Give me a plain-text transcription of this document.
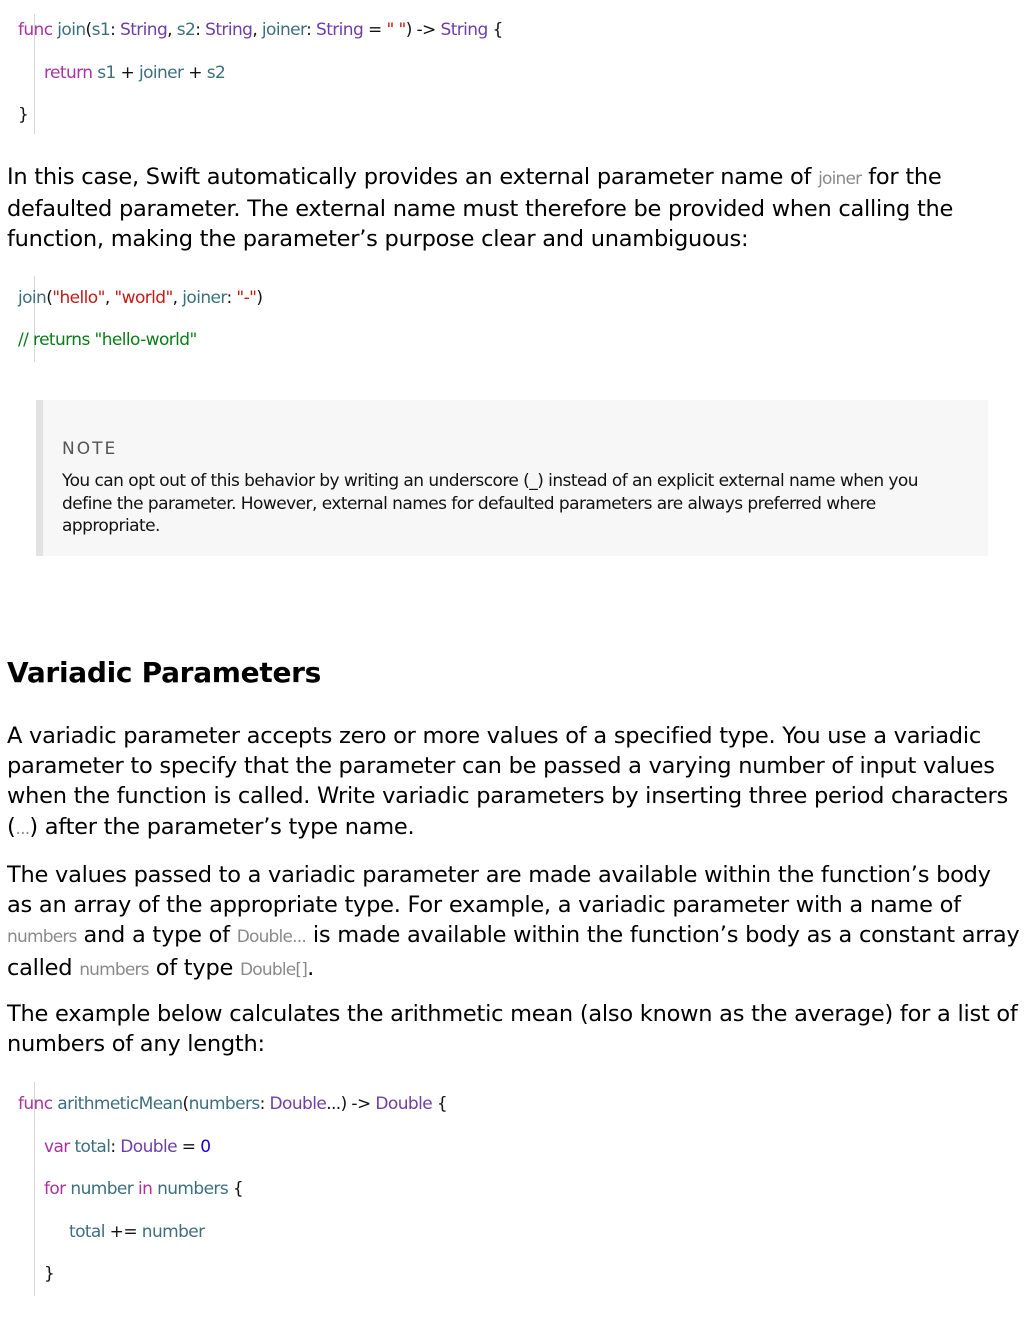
func join(s1: String, s2: String, joiner: String = " ") -> String {
return s1 + joiner + s2
}

In this case, Swift automatically provides an external parameter name of joiner for the defaulted parameter. The external name must therefore be provided when calling the function, making the parameter’s purpose clear and unambiguous:

join("hello", "world", joiner: "-")
// returns "hello-world"
NOTE
You can opt out of this behavior by writing an underscore (_) instead of an explicit external name when you define the parameter. However, external names for defaulted parameters are always preferred where appropriate.
Variadic Parameters

A variadic parameter accepts zero or more values of a specified type. You use a variadic parameter to specify that the parameter can be passed a varying number of input values when the function is called. Write variadic parameters by inserting three period characters (...) after the parameter’s type name.

The values passed to a variadic parameter are made available within the function’s body as an array of the appropriate type. For example, a variadic parameter with a name of numbers and a type of Double... is made available within the function’s body as a constant array called numbers of type Double[].

The example below calculates the arithmetic mean (also known as the average) for a list of numbers of any length:

func arithmeticMean(numbers: Double...) -> Double {
var total: Double = 0
for number in numbers {
total += number
}
